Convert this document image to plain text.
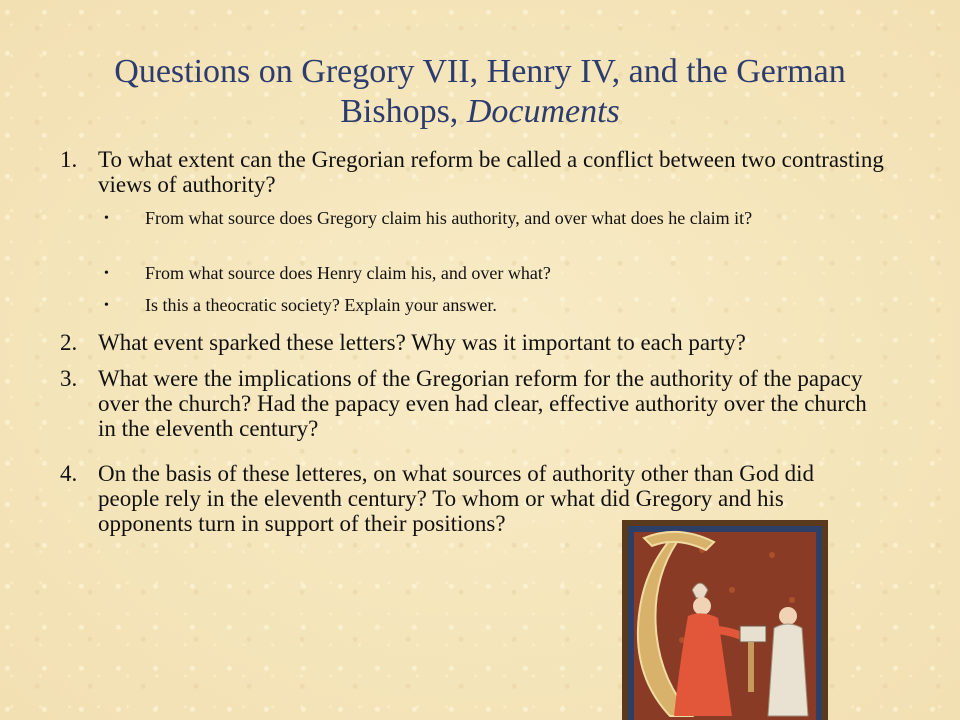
Questions on Gregory VII, Henry IV, and the German Bishops, Documents
1. To what extent can the Gregorian reform be called a conflict between two contrasting views of authority?
• From what source does Gregory claim his authority, and over what does he claim it?
• From what source does Henry claim his, and over what?
• Is this a theocratic society? Explain your answer.
2. What event sparked these letters? Why was it important to each party?
3. What were the implications of the Gregorian reform for the authority of the papacy over the church? Had the papacy even had clear, effective authority over the church in the eleventh century?
4. On the basis of these letteres, on what sources of authority other than God did people rely in the eleventh century? To whom or what did Gregory and his opponents turn in support of their positions?
